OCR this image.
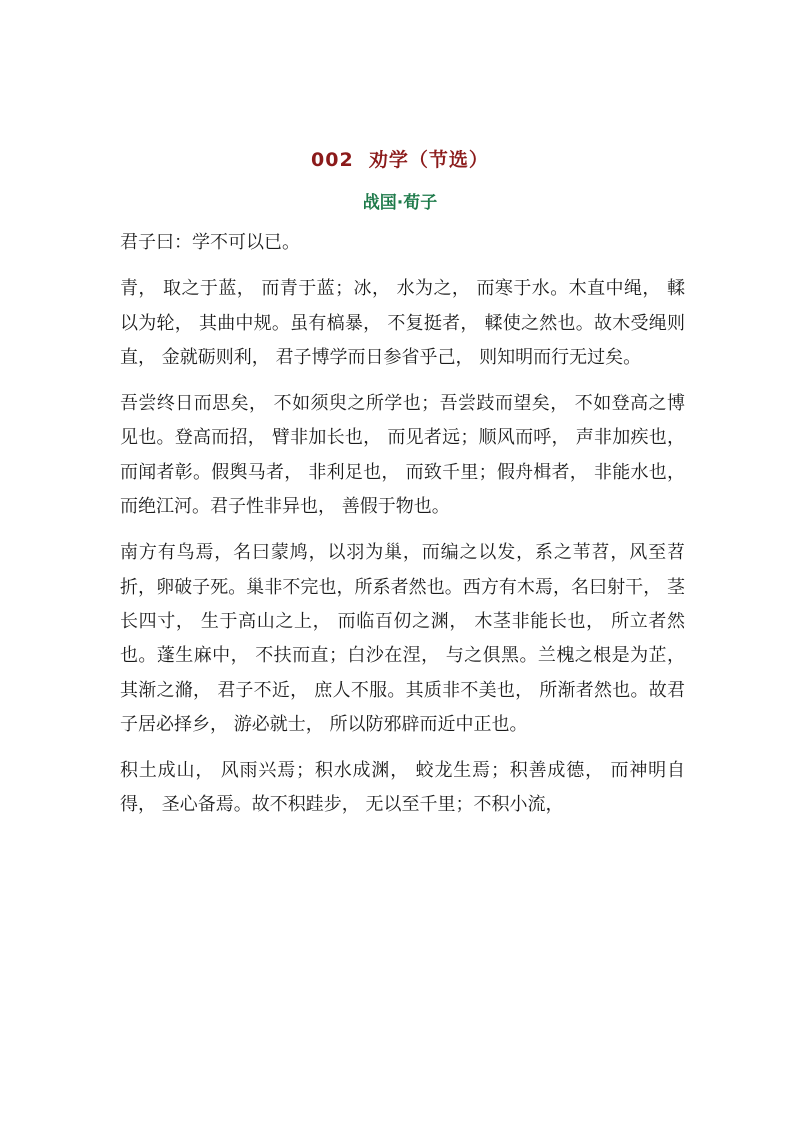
002  劝学（节选）
战国·荀子

君子曰：学不可以已。

青， 取之于蓝， 而青于蓝；冰， 水为之， 而寒于水。木直中绳， 輮以为轮， 其曲中规。虽有槁暴， 不复挺者， 輮使之然也。故木受绳则直， 金就砺则利， 君子博学而日参省乎己， 则知明而行无过矣。

吾尝终日而思矣， 不如须臾之所学也；吾尝跂而望矣， 不如登高之博见也。登高而招， 臂非加长也， 而见者远；顺风而呼， 声非加疾也， 而闻者彰。假舆马者， 非利足也， 而致千里；假舟楫者， 非能水也， 而绝江河。君子性非异也， 善假于物也。

南方有鸟焉，名曰蒙鸠，以羽为巢，而编之以发，系之苇苕，风至苕折，卵破子死。巢非不完也，所系者然也。西方有木焉，名曰射干， 茎长四寸， 生于高山之上， 而临百仞之渊， 木茎非能长也， 所立者然也。蓬生麻中， 不扶而直；白沙在涅， 与之俱黑。兰槐之根是为芷， 其渐之滫， 君子不近， 庶人不服。其质非不美也， 所渐者然也。故君子居必择乡， 游必就士， 所以防邪辟而近中正也。

积土成山， 风雨兴焉；积水成渊， 蛟龙生焉；积善成德， 而神明自得， 圣心备焉。故不积跬步， 无以至千里；不积小流，
